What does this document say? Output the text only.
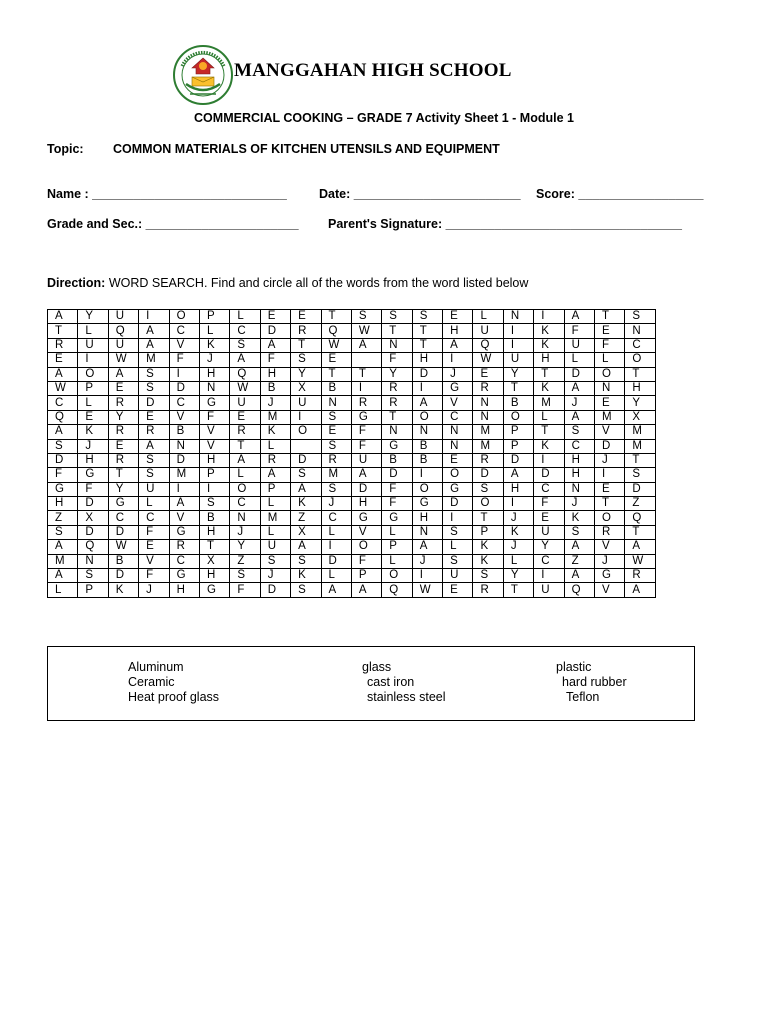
MANGGAHAN HIGH SCHOOL
COMMERCIAL COOKING – GRADE 7 Activity Sheet 1 - Module 1
Topic: COMMON MATERIALS OF KITCHEN UTENSILS AND EQUIPMENT
Name : ____________________________	Date: ________________________ Score: __________________
Grade and Sec.: ______________________ Parent's Signature: __________________________________
Direction: WORD SEARCH. Find and circle all of the words from the word listed below
A	Y	U	I	O	P	L	E	E	T	S	S	S	E	L	N	I	A	T	S
T	L	Q	A	C	L	C	D	R	Q	W	T	T	H	U	I	K	F	E	N
R	U	U	A	V	K	S	A	T	W	A	N	T	A	Q	I	K	U	F	C
E	I	W	M	F	J	A	F	S	E		F	H	I	W	U	H	L	L	O
A	O	A	S	I	H	Q	H	Y	T	T	Y	D	J	E	Y	T	D	O	T
W	P	E	S	D	N	W	B	X	B	I	R	I	G	R	T	K	A	N	H
C	L	R	D	C	G	U	J	U	N	R	R	A	V	N	B	M	J	E	Y
Q	E	Y	E	V	F	E	M	I	S	G	T	O	C	N	O	L	A	M	X
A	K	R	R	B	V	R	K	O	E	F	N	N	N	M	P	T	S	V	M
S	J	E	A	N	V	T	L		S	F	G	B	N	M	P	K	C	D	M
D	H	R	S	D	H	A	R	D	R	U	B	B	E	R	D	I	H	J	T
F	G	T	S	M	P	L	A	S	M	A	D	I	O	D	A	D	H	I	S
G	F	Y	U	I	I	O	P	A	S	D	F	O	G	S	H	C	N	E	D
H	D	G	L	A	S	C	L	K	J	H	F	G	D	O	I	F	J	T	Z
Z	X	C	C	V	B	N	M	Z	C	G	G	H	I	T	J	E	K	O	Q
S	D	D	F	G	H	J	L	X	L	V	L	N	S	P	K	U	S	R	T
A	Q	W	E	R	T	Y	U	A	I	O	P	A	L	K	J	Y	A	V	A
M	N	B	V	C	X	Z	S	S	D	F	L	J	S	K	L	C	Z	J	W
A	S	D	F	G	H	S	J	K	L	P	O	I	U	S	Y	I	A	G	R
L	P	K	J	H	G	F	D	S	A	A	Q	W	E	R	T	U	Q	V	A
Aluminum
Ceramic
Heat proof glass
glass
cast iron
stainless steel
plastic
hard rubber
Teflon
